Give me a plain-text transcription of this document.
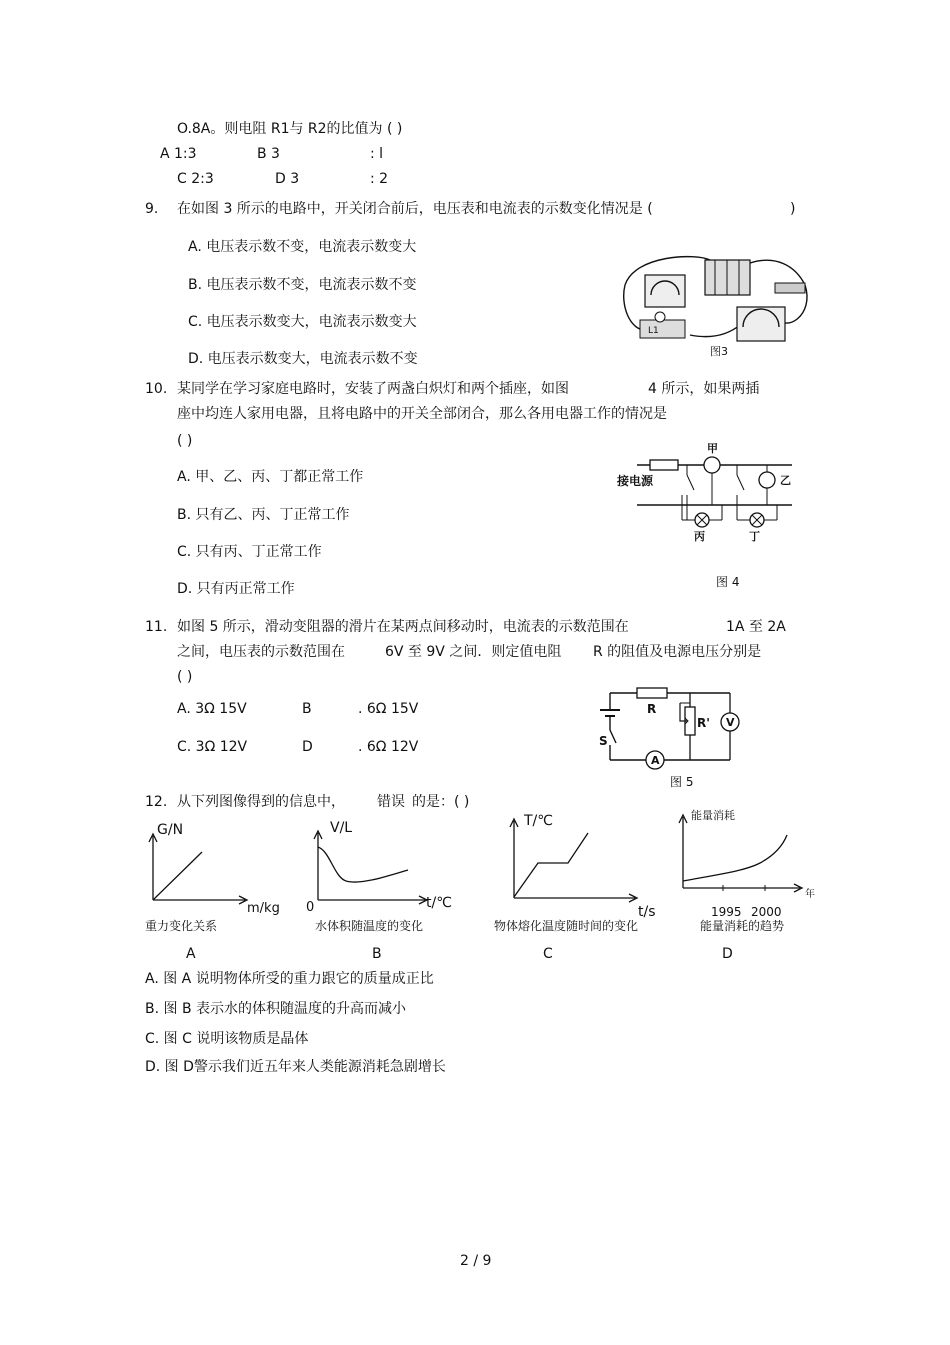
O.8A。则电阻 R1与 R2的比值为 ( )
A 1:3	B 3	: l
C 2:3	D 3	: 2
9. 在如图 3 所示的电路中，开关闭合前后，电压表和电流表的示数变化情况是 (	)
A. 电压表示数不变，电流表示数变大
B. 电压表示数不变，电流表示数不变
C. 电压表示数变大，电流表示数变大
D. 电压表示数变大，电流表示数不变
L1
图3
10. 某同学在学习家庭电路时，安装了两盏白炽灯和两个插座，如图	4 所示，如果两插
座中均连人家用电器，且将电路中的开关全部闭合，那么各用电器工作的情况是
( )
A. 甲、乙、丙、丁都正常工作
B. 只有乙、丙、丁正常工作
C. 只有丙、丁正常工作
D. 只有丙正常工作
接电源
甲
乙
丙	丁
图 4
11. 如图 5 所示，滑动变阻器的滑片在某两点间移动时，电流表的示数范围在	1A 至 2A
之间，电压表的示数范围在	6V 至 9V 之间．则定值电阻 R 的阻值及电源电压分别是
( )
A. 3Ω 15V	B	. 6Ω 15V
C. 3Ω 12V	D	. 6Ω 12V	S
R
R' V
A
图 5
12. 从下列图像得到的信息中， 错误 的是：( )
G/N
m/kg
重力变化关系
A
V/L
0	t/℃
水体积随温度的变化
B
T/℃
t/s
物体熔化温度随时间的变化
C
能量消耗
年
1995 2000
能量消耗的趋势
D
A. 图 A 说明物体所受的重力跟它的质量成正比
B. 图 B 表示水的体积随温度的升高而减小
C. 图 C 说明该物质是晶体
D. 图 D警示我们近五年来人类能源消耗急剧增长
2 / 9
